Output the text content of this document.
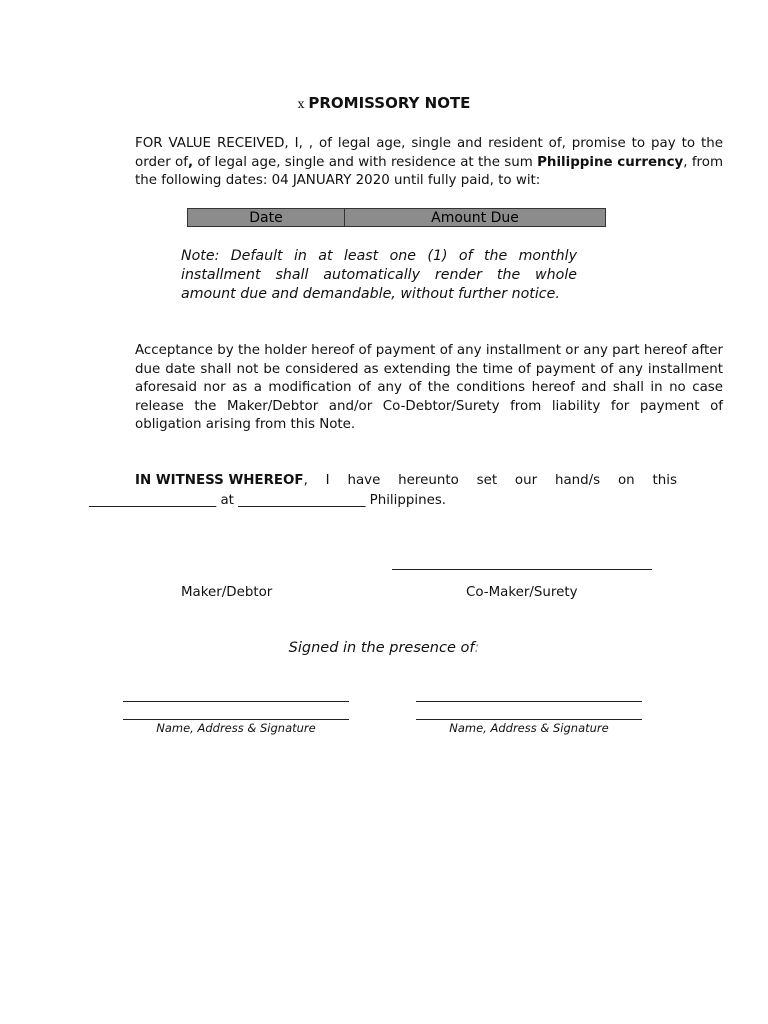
x PROMISSORY NOTE
FOR VALUE RECEIVED, I, , of legal age, single and resident of, promise to pay to the order of, of legal age, single and with residence at the sum Philippine currency, from the following dates: 04 JANUARY 2020 until fully paid, to wit:
Date	Amount Due
Note: Default in at least one (1) of the monthly installment shall automatically render the whole amount due and demandable, without further notice.
Acceptance by the holder hereof of payment of any installment or any part hereof after due date shall not be considered as extending the time of payment of any installment aforesaid nor as a modification of any of the conditions hereof and shall in no case release the Maker/Debtor and/or Co-Debtor/Surety from liability for payment of obligation arising from this Note.
IN WITNESS WHEREOF, I have hereunto set our hand/s on this
___________________ at ___________________ Philippines.
Maker/Debtor	Co-Maker/Surety
Signed in the presence of:
Name, Address & Signature	Name, Address & Signature
